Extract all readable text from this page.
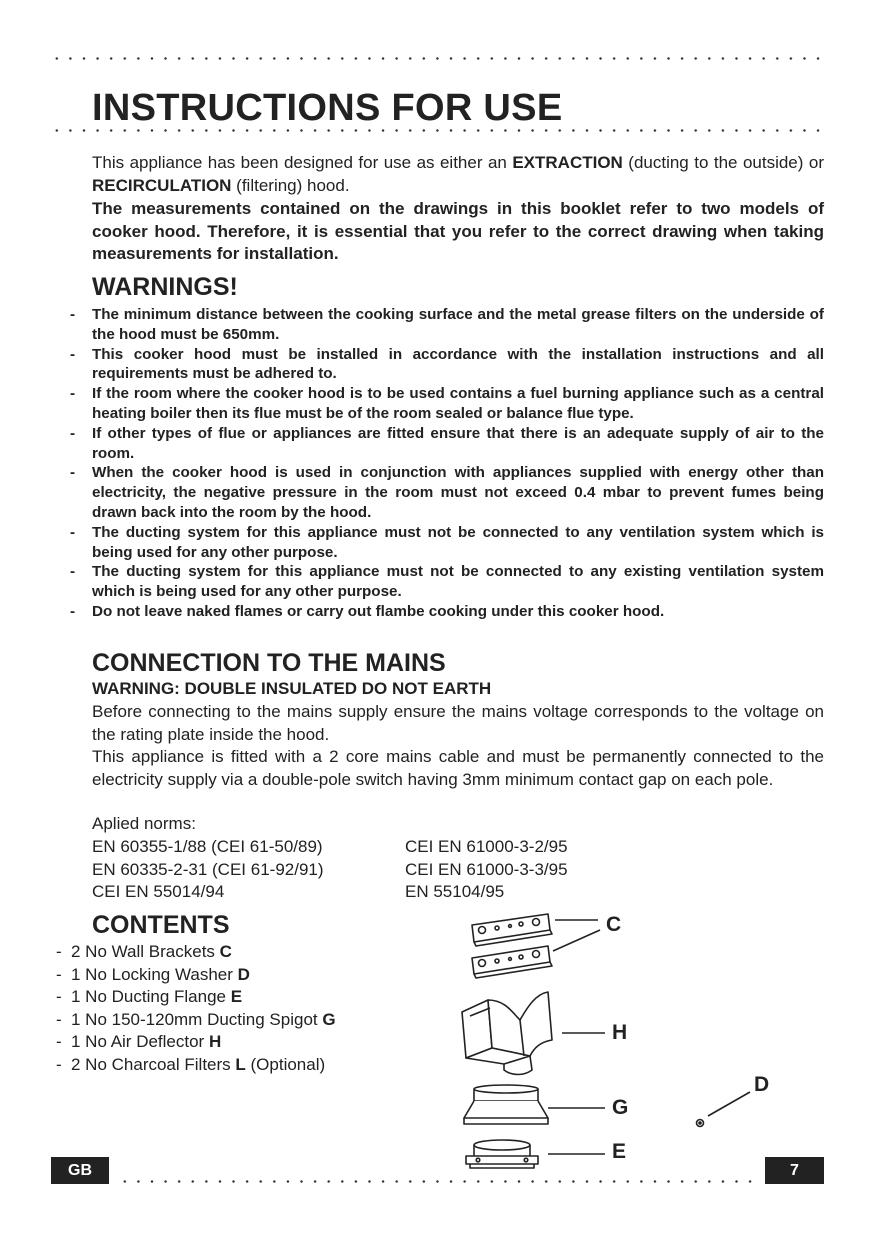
INSTRUCTIONS FOR USE

This appliance has been designed for use as either an EXTRACTION (ducting to the outside) or RECIRCULATION (filtering) hood.

The measurements contained on the drawings in this booklet refer to two models of cooker hood. Therefore, it is essential that you refer to the correct drawing when taking measurements for installation.

WARNINGS!
- The minimum distance between the cooking surface and the metal grease filters on the underside of the hood must be 650mm.
- This cooker hood must be installed in accordance with the installation instructions and all requirements must be adhered to.
- If the room where the cooker hood is to be used contains a fuel burning appliance such as a central heating boiler then its flue must be of the room sealed or balance flue type.
- If other types of flue or appliances are fitted ensure that there is an adequate supply of air to the room.
- When the cooker hood is used in conjunction with appliances supplied with energy other than electricity, the negative pressure in the room must not exceed 0.4 mbar to prevent fumes being drawn back into the room by the hood.
- The ducting system for this appliance must not be connected to any ventilation system which is being used for any other purpose.
- The ducting system for this appliance must not be connected to any existing ventilation system which is being used for any other purpose.
- Do not leave naked flames or carry out flambe cooking under this cooker hood.
CONNECTION TO THE MAINS

WARNING: DOUBLE INSULATED DO NOT EARTH

Before connecting to the mains supply ensure the mains voltage corresponds to the voltage on the rating plate inside the hood.

This appliance is fitted with a 2 core mains cable and must be permanently connected to the electricity supply via a double-pole switch having 3mm minimum contact gap on each pole.

Aplied norms:

EN 60355-1/88 (CEI 61-50/89)
EN 60335-2-31 (CEI 61-92/91)
CEI EN 55014/94
CEI EN 61000-3-2/95
CEI EN 61000-3-3/95
EN 55104/95
CONTENTS
- 2 No Wall Brackets C
- 1 No Locking Washer D
- 1 No Ducting Flange E
- 1 No 150-120mm Ducting Spigot G
- 1 No Air Deflector H
- 2 No Charcoal Filters L (Optional)
C
H
D
G
E
GB	7
